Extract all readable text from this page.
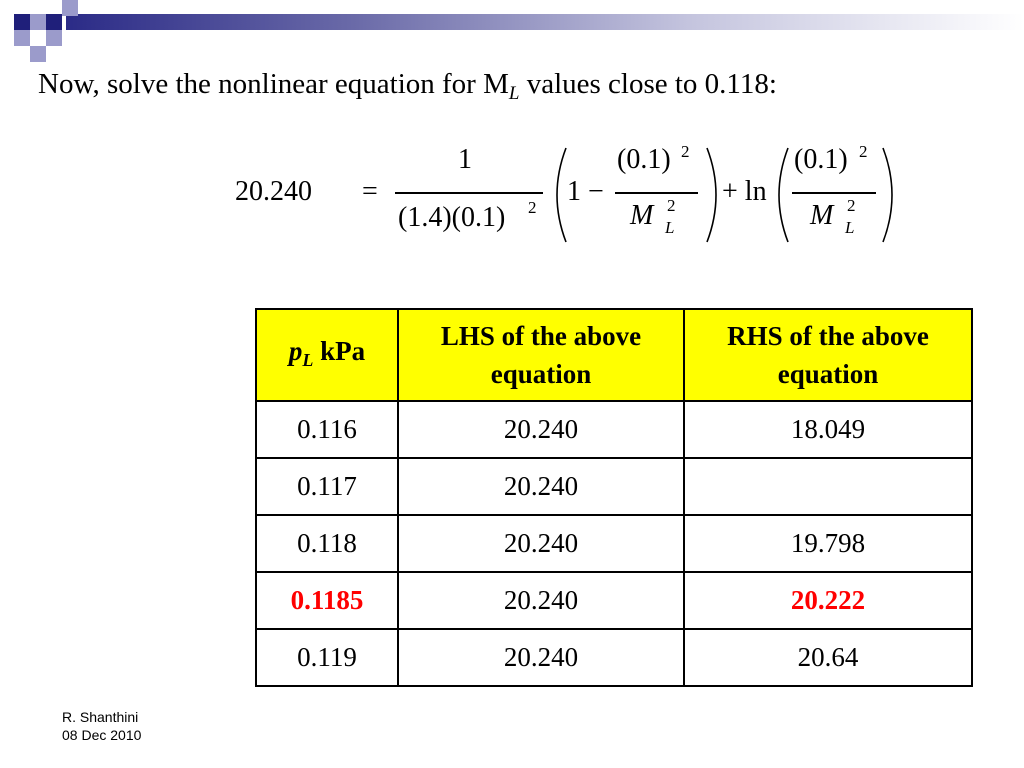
Now, solve the nonlinear equation for $M_L$ values close to 0.118:
20.240 =
1
(1.4)(0.1) 2
1 −
(0.1) 2
M 2
L
+ ln
(0.1) 2
M 2
L
$p_L$ kPa	LHS of the above equation	RHS of the above equation
0.116	20.240	18.049
0.117	20.240	
0.118	20.240	19.798
0.1185	20.240	20.222
0.119	20.240	20.64
R. Shanthini
08 Dec 2010
